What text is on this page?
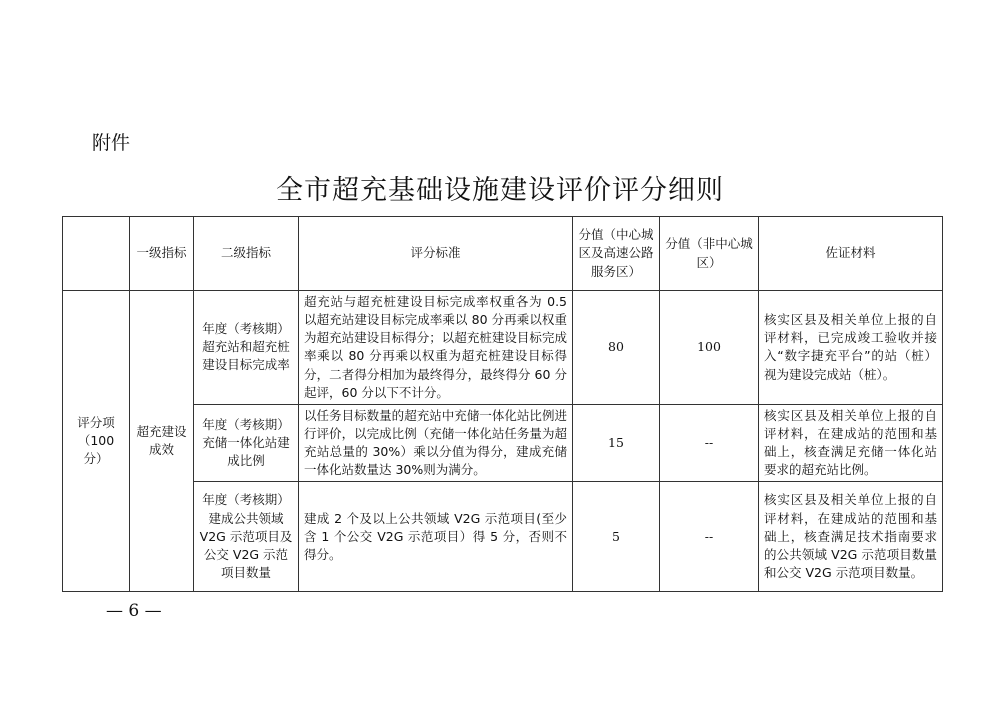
附件
全市超充基础设施建设评价评分细则
	一级指标	二级指标	评分标准	分值（中心城区及高速公路服务区）	分值（非中心城区）	佐证材料
评分项（100 分）	超充建设成效	年度（考核期）超充站和超充桩建设目标完成率	超充站与超充桩建设目标完成率权重各为 0.5 以超充站建设目标完成率乘以 80 分再乘以权重为超充站建设目标得分；以超充桩建设目标完成率乘以 80 分再乘以权重为超充桩建设目标得分，二者得分相加为最终得分，最终得分 60 分起评，60 分以下不计分。	80	100	核实区县及相关单位上报的自评材料，已完成竣工验收并接入“数字捷充平台”的站（桩）视为建设完成站（桩）。
		年度（考核期）充储一体化站建成比例	以任务目标数量的超充站中充储一体化站比例进行评价，以完成比例（充储一体化站任务量为超充站总量的 30%）乘以分值为得分，建成充储一体化站数量达 30%则为满分。	15	--	核实区县及相关单位上报的自评材料，在建成站的范围和基础上，核查满足充储一体化站要求的超充站比例。
		年度（考核期）建成公共领域 V2G 示范项目及公交 V2G 示范项目数量	建成 2 个及以上公共领域 V2G 示范项目(至少含 1 个公交 V2G 示范项目）得 5 分，否则不得分。	5	--	核实区县及相关单位上报的自评材料，在建成站的范围和基础上，核查满足技术指南要求的公共领域 V2G 示范项目数量和公交 V2G 示范项目数量。
— 6 —
